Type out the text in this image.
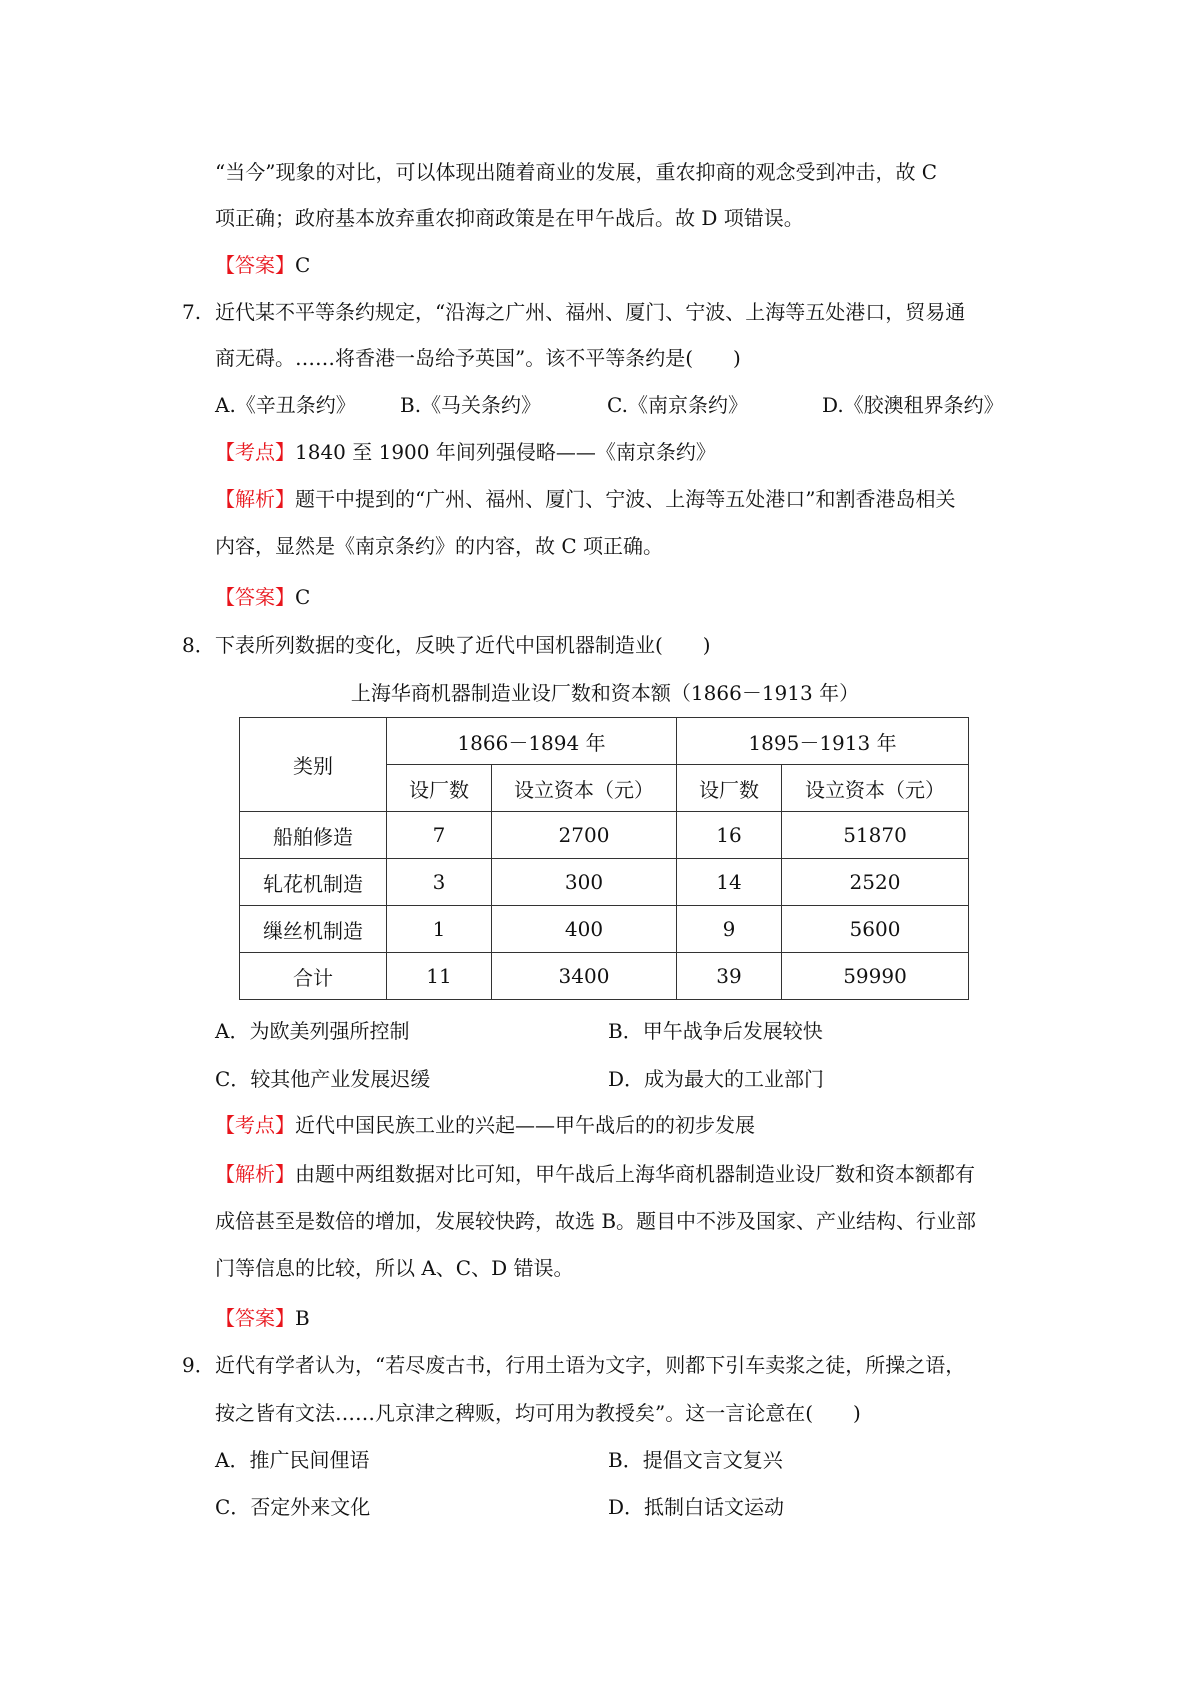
“当今”现象的对比，可以体现出随着商业的发展，重农抑商的观念受到冲击，故 C
项正确；政府基本放弃重农抑商政策是在甲午战后。故 D 项错误。
【答案】C
7. 近代某不平等条约规定，“沿海之广州、福州、厦门、宁波、上海等五处港口，贸易通
商无碍。……将香港一岛给予英国”。该不平等条约是(　　)
A.《辛丑条约》 B.《马关条约》	C.《南京条约》	D.《胶澳租界条约》
【考点】1840 至 1900 年间列强侵略——《南京条约》
【解析】题干中提到的“广州、福州、厦门、宁波、上海等五处港口”和割香港岛相关
内容，显然是《南京条约》的内容，故 C 项正确。
【答案】C
8． 下表所列数据的变化，反映了近代中国机器制造业(　　)
上海华商机器制造业设厂数和资本额（1866－1913 年）
类别	1866－1894 年		1895－1913 年	
	设厂数	设立资本（元）	设厂数	设立资本（元）
船舶修造	7	2700	16	51870
轧花机制造	3	300	14	2520
缫丝机制造	1	400	9	5600
合计	11	3400	39	59990
A．为欧美列强所控制	B．甲午战争后发展较快
C．较其他产业发展迟缓	D．成为最大的工业部门
【考点】近代中国民族工业的兴起——甲午战后的的初步发展
【解析】由题中两组数据对比可知，甲午战后上海华商机器制造业设厂数和资本额都有
成倍甚至是数倍的增加，发展较快跨，故选 B。题目中不涉及国家、产业结构、行业部
门等信息的比较，所以 A、C、D 错误。
【答案】B
9． 近代有学者认为，“若尽废古书，行用土语为文字，则都下引车卖浆之徒，所操之语，
按之皆有文法……凡京津之稗贩，均可用为教授矣”。这一言论意在(　　)
A．推广民间俚语	B．提倡文言文复兴
C．否定外来文化	D．抵制白话文运动
